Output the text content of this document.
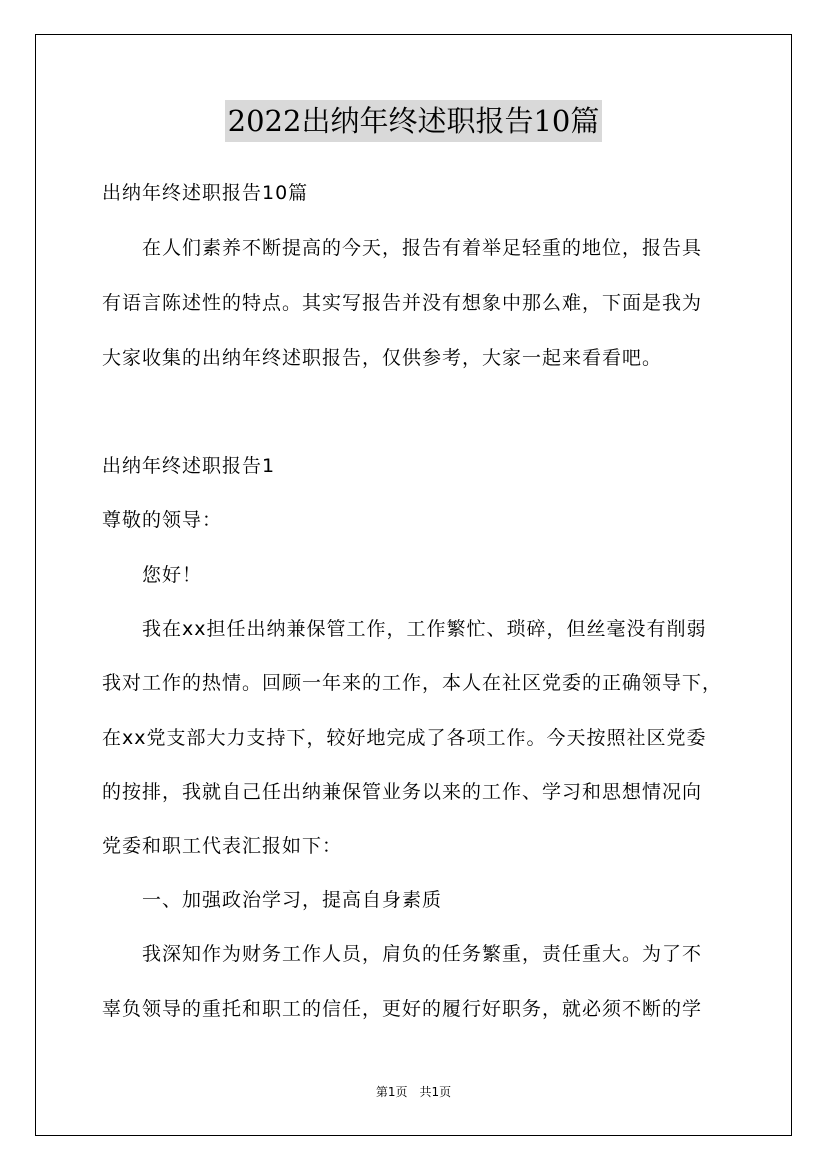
2022出纳年终述职报告10篇
出纳年终述职报告10篇
　　在人们素养不断提高的今天，报告有着举足轻重的地位，报告具
有语言陈述性的特点。其实写报告并没有想象中那么难，下面是我为
大家收集的出纳年终述职报告，仅供参考，大家一起来看看吧。
出纳年终述职报告1
尊敬的领导：
　　您好！
　　我在xx担任出纳兼保管工作，工作繁忙、琐碎，但丝毫没有削弱
我对工作的热情。回顾一年来的工作，本人在社区党委的正确领导下，
在xx党支部大力支持下，较好地完成了各项工作。今天按照社区党委
的按排，我就自己任出纳兼保管业务以来的工作、学习和思想情况向
党委和职工代表汇报如下：
　　一、加强政治学习，提高自身素质
　　我深知作为财务工作人员，肩负的任务繁重，责任重大。为了不
辜负领导的重托和职工的信任，更好的履行好职务，就必须不断的学
第1页　共1页
